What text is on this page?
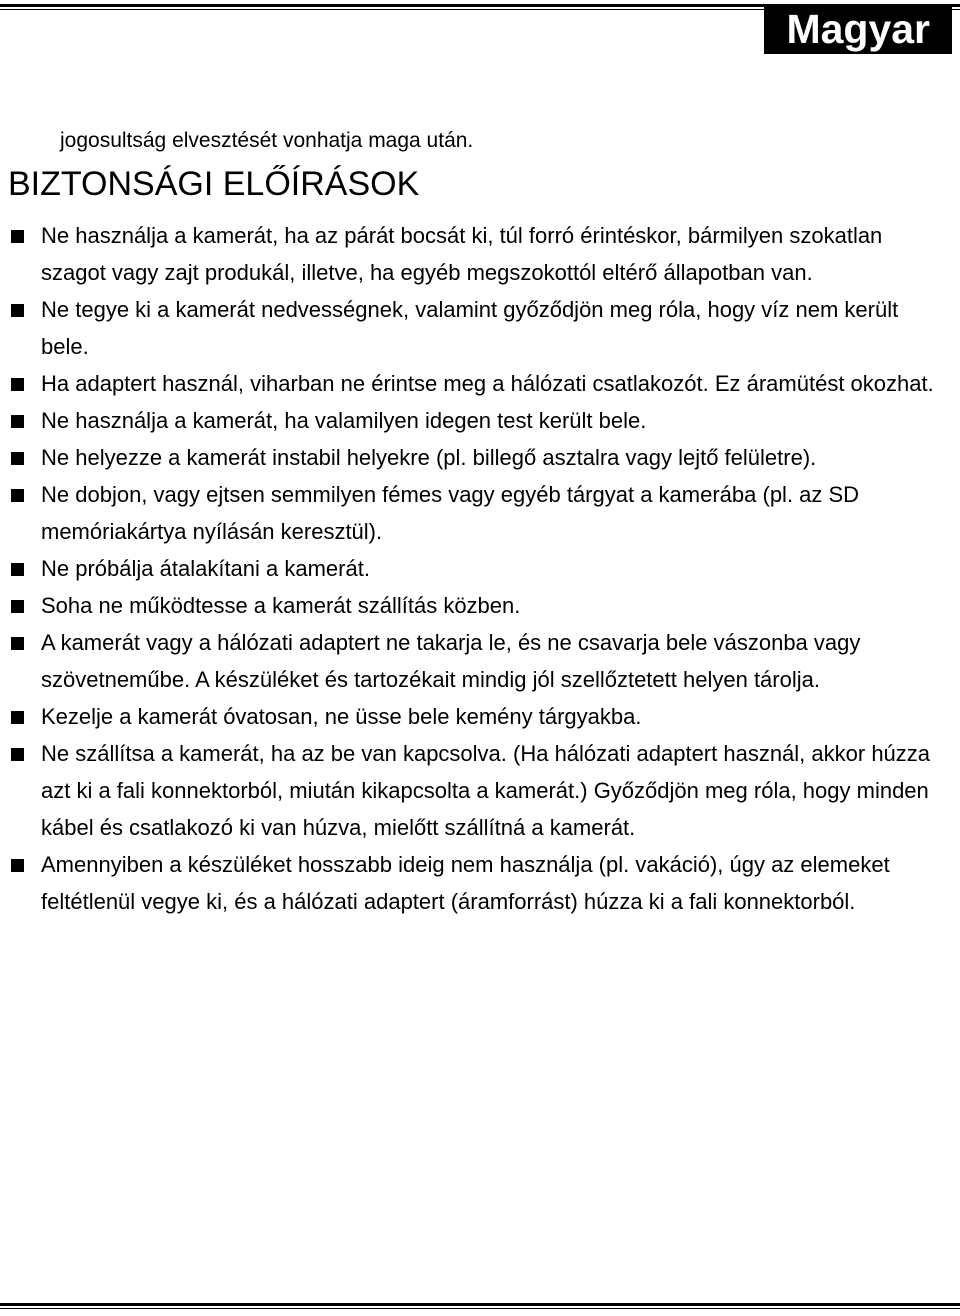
Magyar
jogosultság elvesztését vonhatja maga után.
BIZTONSÁGI ELŐÍRÁSOK
Ne használja a kamerát, ha az párát bocsát ki, túl forró érintéskor, bármilyen szokatlan szagot vagy zajt produkál, illetve, ha egyéb megszokottól eltérő állapotban van.
Ne tegye ki a kamerát nedvességnek, valamint győződjön meg róla, hogy víz nem került bele.
Ha adaptert használ, viharban ne érintse meg a hálózati csatlakozót. Ez áramütést okozhat.
Ne használja a kamerát, ha valamilyen idegen test került bele.
Ne helyezze a kamerát instabil helyekre (pl. billegő asztalra vagy lejtő felületre).
Ne dobjon, vagy ejtsen semmilyen fémes vagy egyéb tárgyat a kamerába (pl. az SD memóriakártya nyílásán keresztül).
Ne próbálja átalakítani a kamerát.
Soha ne működtesse a kamerát szállítás közben.
A kamerát vagy a hálózati adaptert ne takarja le, és ne csavarja bele vászonba vagy szövetneműbe. A készüléket és tartozékait mindig jól szellőztetett helyen tárolja.
Kezelje a kamerát óvatosan, ne üsse bele kemény tárgyakba.
Ne szállítsa a kamerát, ha az be van kapcsolva. (Ha hálózati adaptert használ, akkor húzza azt ki a fali konnektorból, miután kikapcsolta a kamerát.) Győződjön meg róla, hogy minden kábel és csatlakozó ki van húzva, mielőtt szállítná a kamerát.
Amennyiben a készüléket hosszabb ideig nem használja (pl. vakáció), úgy az elemeket feltétlenül vegye ki, és a hálózati adaptert (áramforrást) húzza ki a fali konnektorból.
